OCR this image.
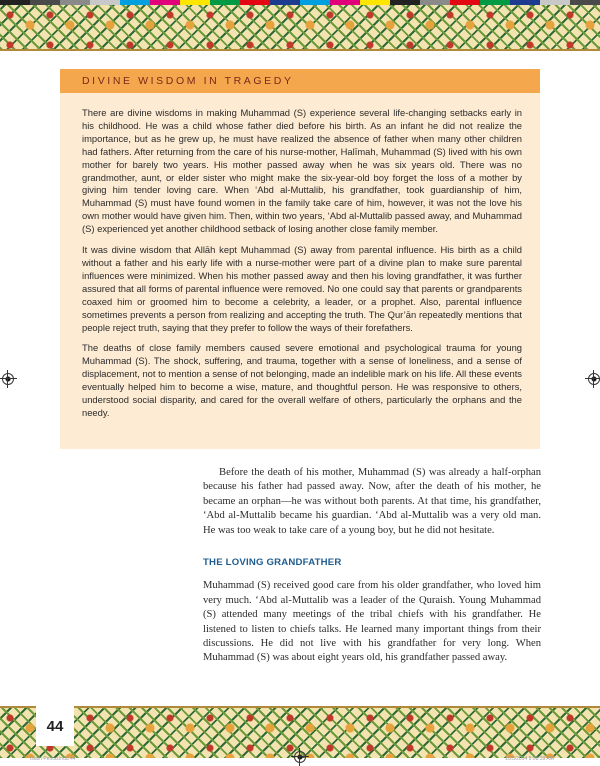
DIVINE WISDOM IN TRAGEDY

There are divine wisdoms in making Muhammad (S) experience several life-changing setbacks early in his childhood. He was a child whose father died before his birth. As an infant he did not realize the importance, but as he grew up, he must have realized the absence of father when many other children had fathers. After returning from the care of his nurse-mother, Halīmah, Muhammad (S) lived with his own mother for barely two years. His mother passed away when he was six years old. There was no grandmother, aunt, or elder sister who might make the six-year-old boy forget the loss of a mother by giving him tender loving care. When ‘Abd al-Muttalib, his grandfather, took guardianship of him, Muhammad (S) must have found women in the family take care of him, however, it was not the love his own mother would have given him. Then, within two years, ‘Abd al-Muttalib passed away, and Muhammad (S) experienced yet another childhood setback of losing another close family member.

It was divine wisdom that Allāh kept Muhammad (S) away from parental influence. His birth as a child without a father and his early life with a nurse-mother were part of a divine plan to make sure parental influences were minimized. When his mother passed away and then his loving grandfather, it was further assured that all forms of parental influence were removed. No one could say that parents or grandparents coaxed him or groomed him to become a celebrity, a leader, or a prophet. Also, parental influence sometimes prevents a person from realizing and accepting the truth. The Qur’ān repeatedly mentions that people reject truth, saying that they prefer to follow the ways of their forefathers.

The deaths of close family members caused severe emotional and psychological trauma for young Muhammad (S). The shock, suffering, and trauma, together with a sense of loneliness, and a sense of displacement, not to mention a sense of not belonging, made an indelible mark on his life. All these events eventually helped him to become a wise, mature, and thoughtful person. He was responsive to others, understood social disparity, and cared for the overall welfare of others, particularly the orphans and the needy.

Before the death of his mother, Muhammad (S) was already a half-orphan because his father had passed away. Now, after the death of his mother, he became an orphan—he was without both parents. At that time, his grandfather, ‘Abd al-Muttalib became his guardian. ‘Abd al-Muttalib was a very old man. He was too weak to take care of a young boy, but he did not hesitate.

THE LOVING GRANDFATHER

Muhammad (S) received good care from his older grandfather, who loved him very much. ‘Abd al-Muttalib was a leader of the Quraish. Young Muhammad (S) attended many meetings of the tribal chiefs with his grandfather. He listened to listen to chiefs talks. He learned many important things from their discussions. He did not live with his grandfather for very long. When Muhammad (S) was about eight years old, his grandfather passed away.

44
Islam Period.indd 44	1/25/2014 9:08:39 AM
